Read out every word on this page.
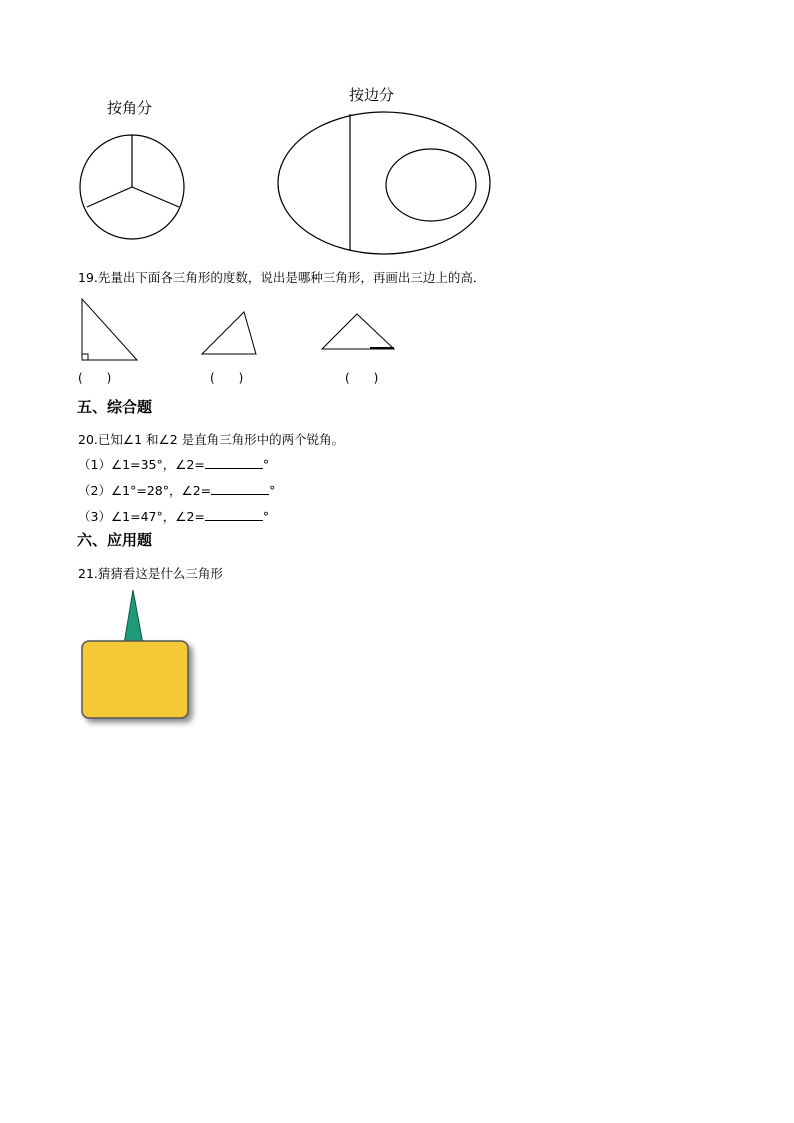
按角分
按边分
19.先量出下面各三角形的度数，说出是哪种三角形，再画出三边上的高．
(　　)	(　　)	(　　)
五、综合题
20.已知∠1 和∠2 是直角三角形中的两个锐角。
（1）∠1=35°，∠2=	°
（2）∠1°=28°，∠2=	°
（3）∠1=47°，∠2=	°
六、应用题
21.猜猜看这是什么三角形
